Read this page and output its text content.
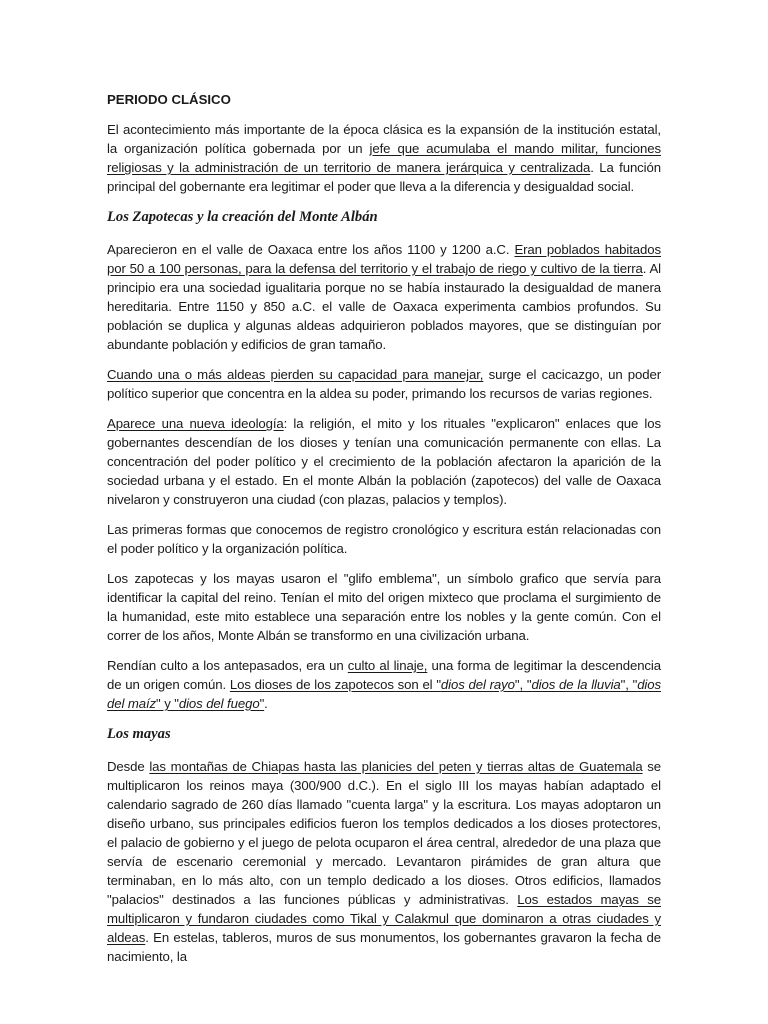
PERIODO CLÁSICO

El acontecimiento más importante de la época clásica es la expansión de la institución estatal, la organización política gobernada por un jefe que acumulaba el mando militar, funciones religiosas y la administración de un territorio de manera jerárquica y centralizada. La función principal del gobernante era legitimar el poder que lleva a la diferencia y desigualdad social.

Los Zapotecas y la creación del Monte Albán

Aparecieron en el valle de Oaxaca entre los años 1100 y 1200 a.C. Eran poblados habitados por 50 a 100 personas, para la defensa del territorio y el trabajo de riego y cultivo de la tierra. Al principio era una sociedad igualitaria porque no se había instaurado la desigualdad de manera hereditaria. Entre 1150 y 850 a.C. el valle de Oaxaca experimenta cambios profundos. Su población se duplica y algunas aldeas adquirieron poblados mayores, que se distinguían por abundante población y edificios de gran tamaño.

Cuando una o más aldeas pierden su capacidad para manejar, surge el cacicazgo, un poder político superior que concentra en la aldea su poder, primando los recursos de varias regiones.

Aparece una nueva ideología: la religión, el mito y los rituales "explicaron" enlaces que los gobernantes descendían de los dioses y tenían una comunicación permanente con ellas. La concentración del poder político y el crecimiento de la población afectaron la aparición de la sociedad urbana y el estado. En el monte Albán la población (zapotecos) del valle de Oaxaca nivelaron y construyeron una ciudad (con plazas, palacios y templos).

Las primeras formas que conocemos de registro cronológico y escritura están relacionadas con el poder político y la organización política.

Los zapotecas y los mayas usaron el "glifo emblema", un símbolo grafico que servía para identificar la capital del reino. Tenían el mito del origen mixteco que proclama el surgimiento de la humanidad, este mito establece una separación entre los nobles y la gente común. Con el correr de los años, Monte Albán se transformo en una civilización urbana.

Rendían culto a los antepasados, era un culto al linaje, una forma de legitimar la descendencia de un origen común. Los dioses de los zapotecos son el "dios del rayo", "dios de la lluvia", "dios del maíz" y "dios del fuego".

Los mayas

Desde las montañas de Chiapas hasta las planicies del peten y tierras altas de Guatemala se multiplicaron los reinos maya (300/900 d.C.). En el siglo III los mayas habían adaptado el calendario sagrado de 260 días llamado "cuenta larga" y la escritura. Los mayas adoptaron un diseño urbano, sus principales edificios fueron los templos dedicados a los dioses protectores, el palacio de gobierno y el juego de pelota ocuparon el área central, alrededor de una plaza que servía de escenario ceremonial y mercado. Levantaron pirámides de gran altura que terminaban, en lo más alto, con un templo dedicado a los dioses. Otros edificios, llamados "palacios" destinados a las funciones públicas y administrativas. Los estados mayas se multiplicaron y fundaron ciudades como Tikal y Calakmul que dominaron a otras ciudades y aldeas. En estelas, tableros, muros de sus monumentos, los gobernantes gravaron la fecha de nacimiento, la
